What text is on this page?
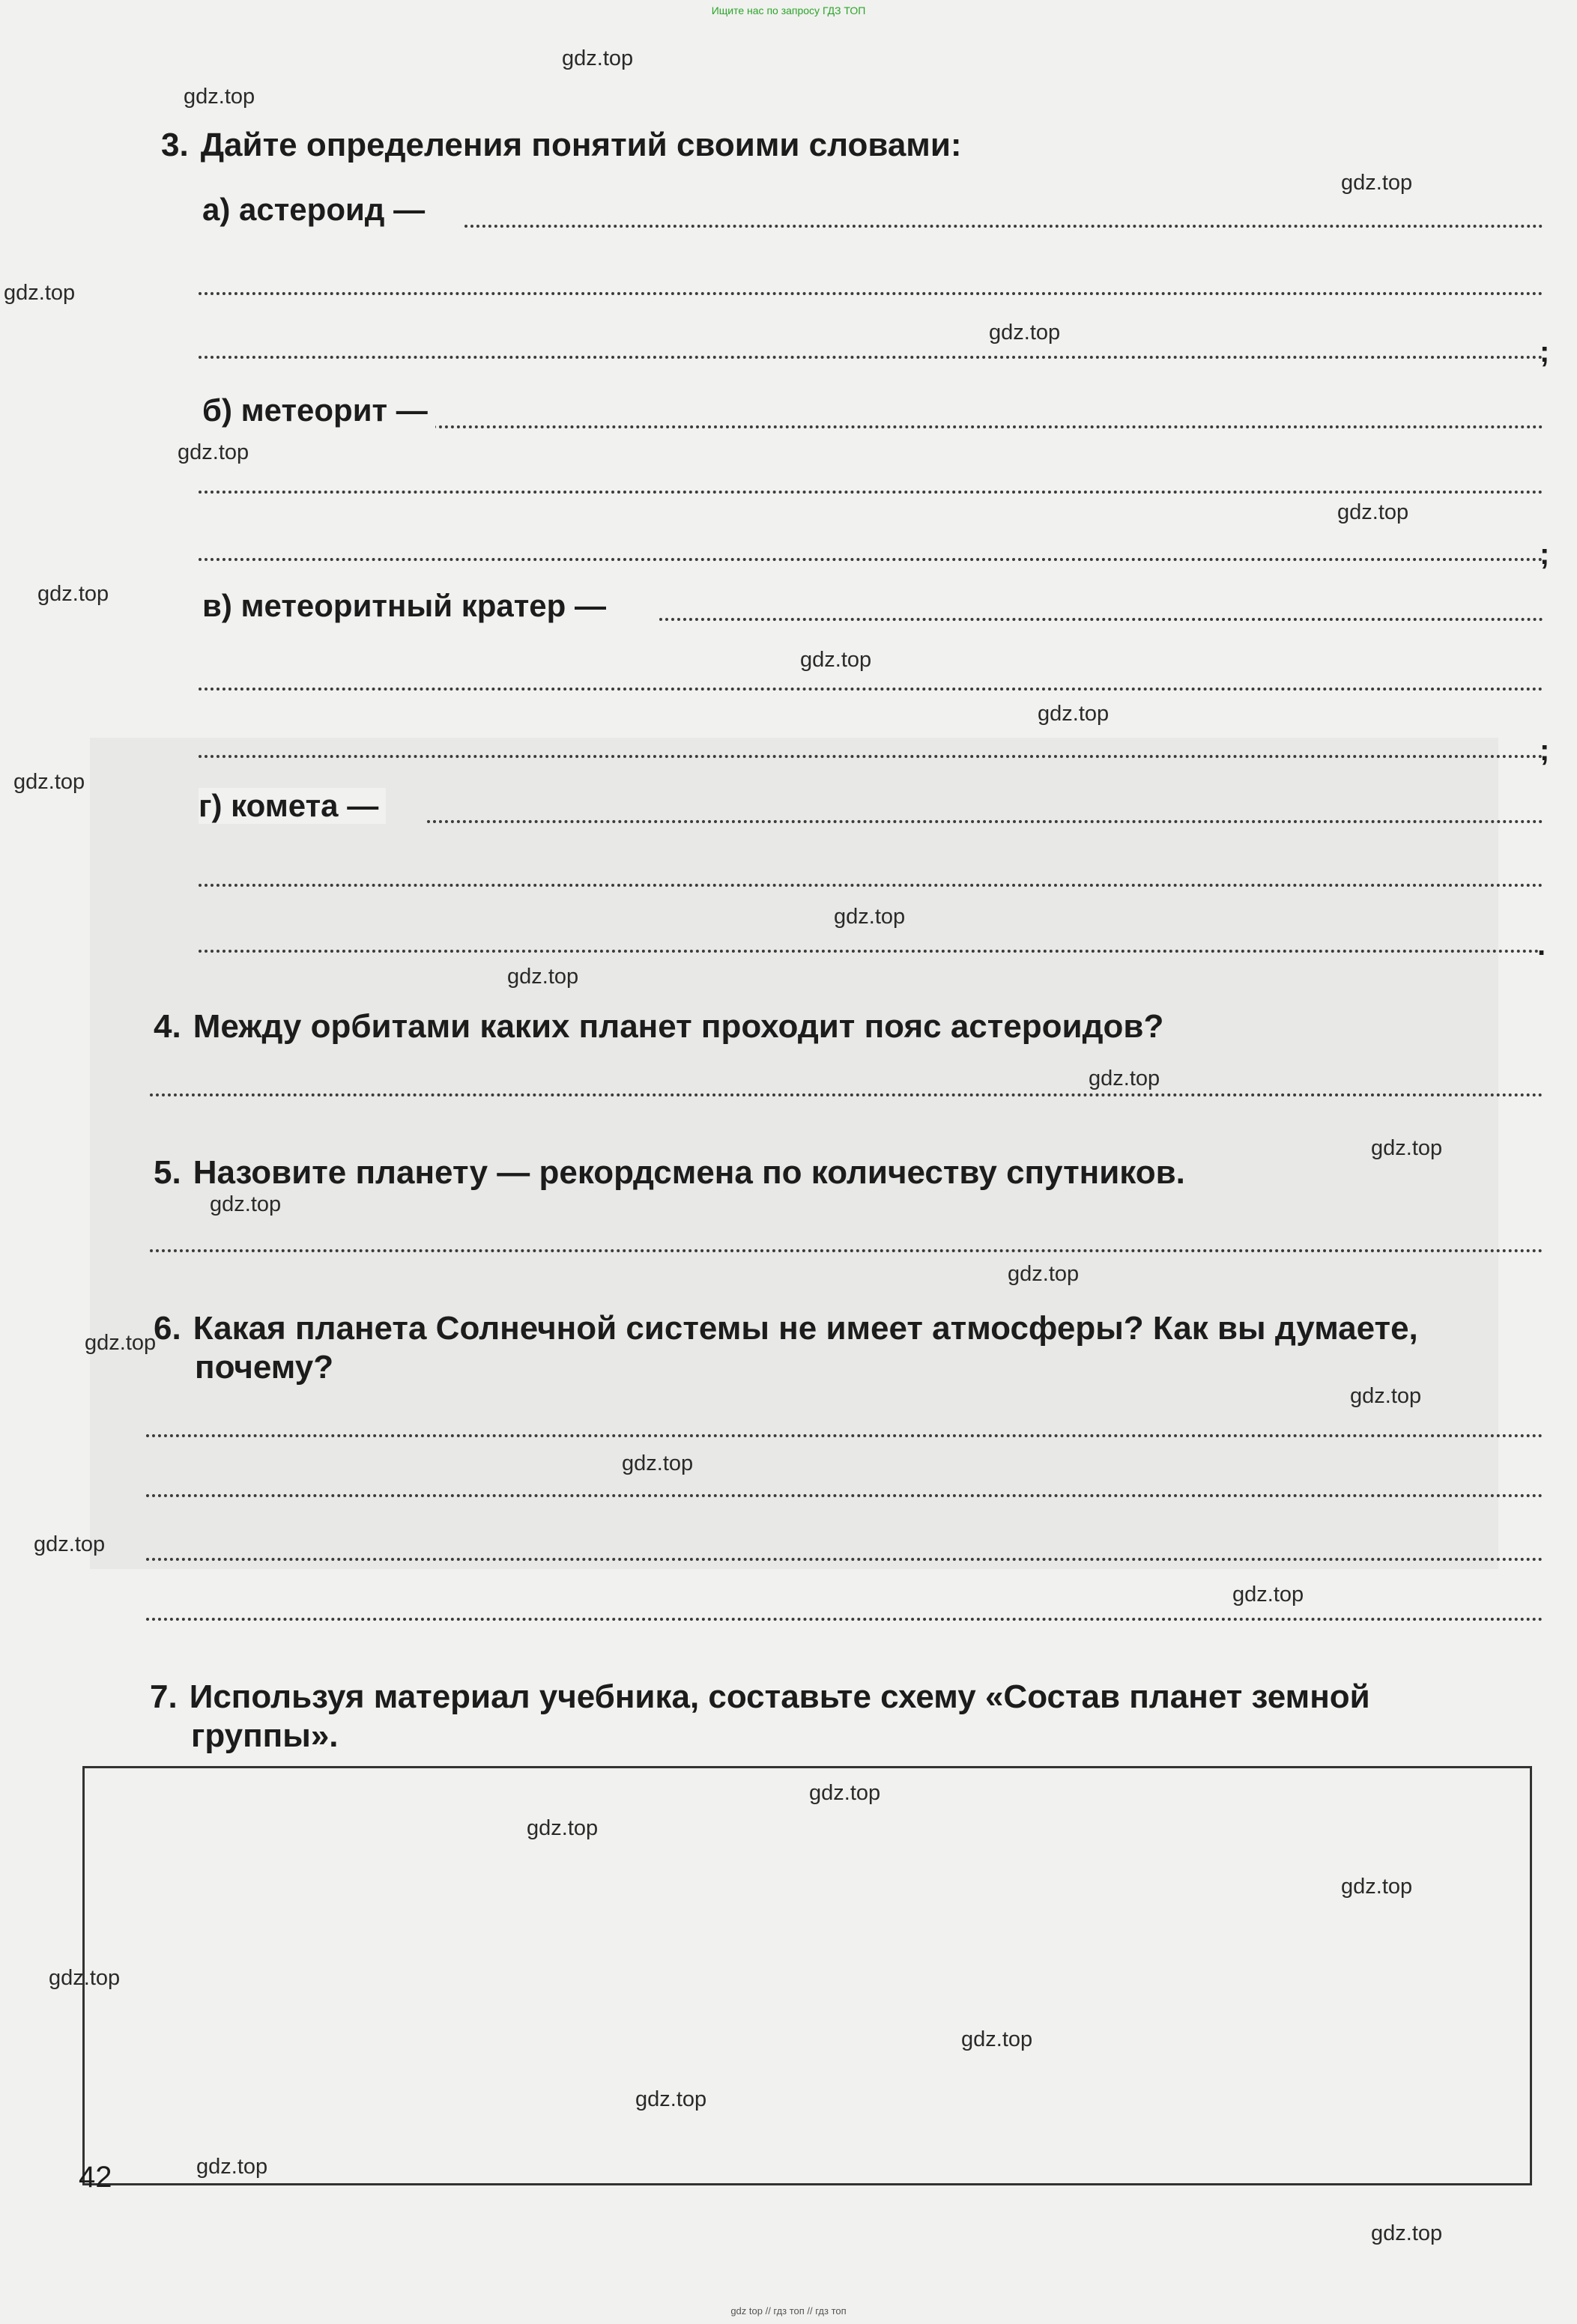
Ищите нас по запросу ГДЗ ТОП
3. Дайте определения понятий своими словами:
а) астероид —
;
б) метеорит —
;
в) метеоритный кратер —
;
г) комета —
.
4. Между орбитами каких планет проходит пояс астероидов?
5. Назовите планету — рекордсмена по количеству спутников.
6. Какая планета Солнечной системы не имеет атмосферы? Как вы думаете,
почему?
7. Используя материал учебника, составьте схему «Состав планет земной
группы».
42
gdz.top
gdz.top
gdz.top
gdz.top
gdz.top
gdz.top
gdz.top
gdz.top
gdz.top
gdz.top
gdz.top
gdz.top
gdz.top
gdz.top
gdz.top
gdz.top
gdz.top
gdz.top
gdz.top
gdz.top
gdz.top
gdz.top
gdz.top
gdz.top
gdz.top
gdz.top
gdz.top
gdz.top
gdz.top
gdz.top
gdz top // гдз топ // гдз топ
